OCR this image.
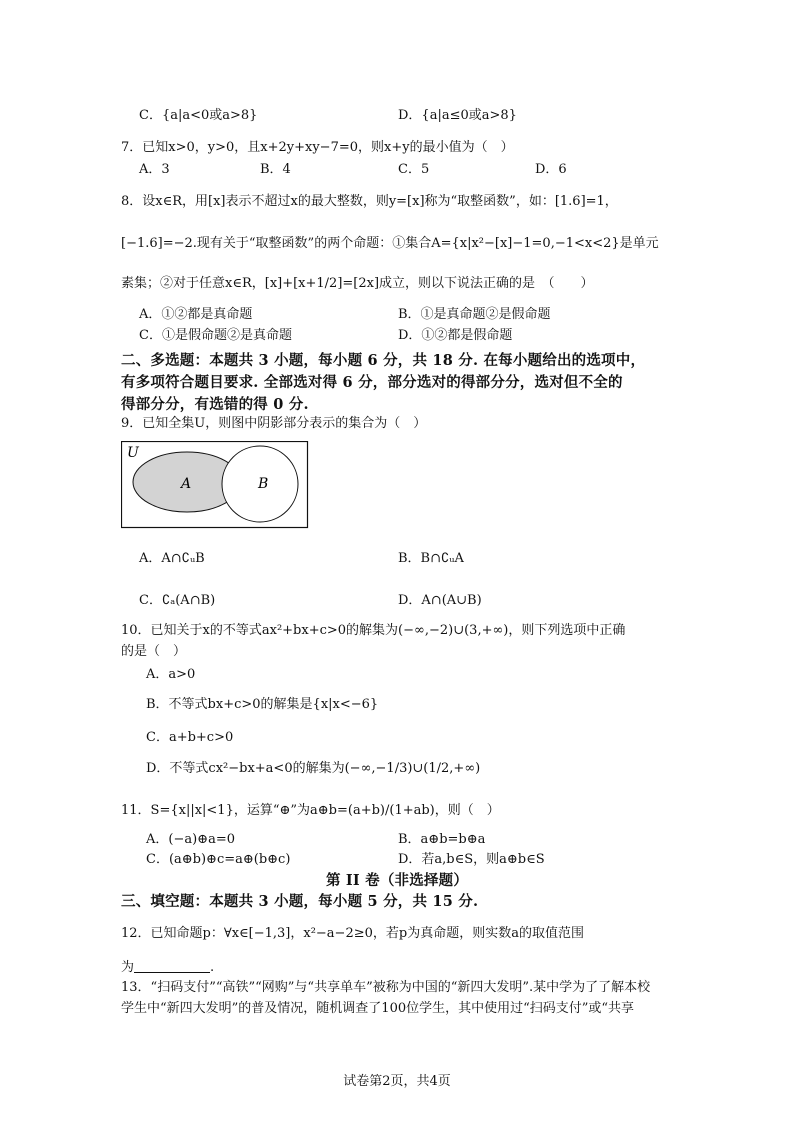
C．{a|a<0或a>8}	D．{a|a≤0或a>8}
7．已知x>0，y>0，且x+2y+xy−7=0，则x+y的最小值为（　）
A．3	B．4	C．5	D．6
8．设x∈R，用[x]表示不超过x的最大整数，则y=[x]称为“取整函数”，如：[1.6]=1，
[−1.6]=−2.现有关于“取整函数”的两个命题：①集合A={x|x²−[x]−1=0,−1<x<2}是单元
素集；②对于任意x∈R，[x]+[x+1/2]=[2x]成立，则以下说法正确的是　（　　）
A．①②都是真命题	B．①是真命题②是假命题
C．①是假命题②是真命题	D．①②都是假命题
二、多选题：本题共 3 小题，每小题 6 分，共 18 分. 在每小题给出的选项中，
有多项符合题目要求. 全部选对得 6 分，部分选对的得部分分，选对但不全的
得部分分，有选错的得 0 分.
9．已知全集U，则图中阴影部分表示的集合为（　）
U
A	B
A．A∩∁ᵤB	B．B∩∁ᵤA
C．∁ₐ(A∩B)	D．A∩(A∪B)
10．已知关于x的不等式ax²+bx+c>0的解集为(−∞,−2)∪(3,+∞)，则下列选项中正确
的是（　）
A．a>0
B．不等式bx+c>0的解集是{x|x<−6}
C．a+b+c>0
D．不等式cx²−bx+a<0的解集为(−∞,−1/3)∪(1/2,+∞)
11．S={x||x|<1}，运算“⊕”为a⊕b=(a+b)/(1+ab)，则（　）
A．(−a)⊕a=0	B．a⊕b=b⊕a
C．(a⊕b)⊕c=a⊕(b⊕c)	D．若a,b∈S，则a⊕b∈S
第 II 卷（非选择题）
三、填空题：本题共 3 小题，每小题 5 分，共 15 分.
12．已知命题p：∀x∈[−1,3]，x²−a−2≥0，若p为真命题，则实数a的取值范围
为	.
13．“扫码支付”“高铁”“网购”与“共享单车”被称为中国的“新四大发明”.某中学为了了解本校
学生中“新四大发明”的普及情况，随机调查了100位学生，其中使用过“扫码支付”或“共享
试卷第2页，共4页
